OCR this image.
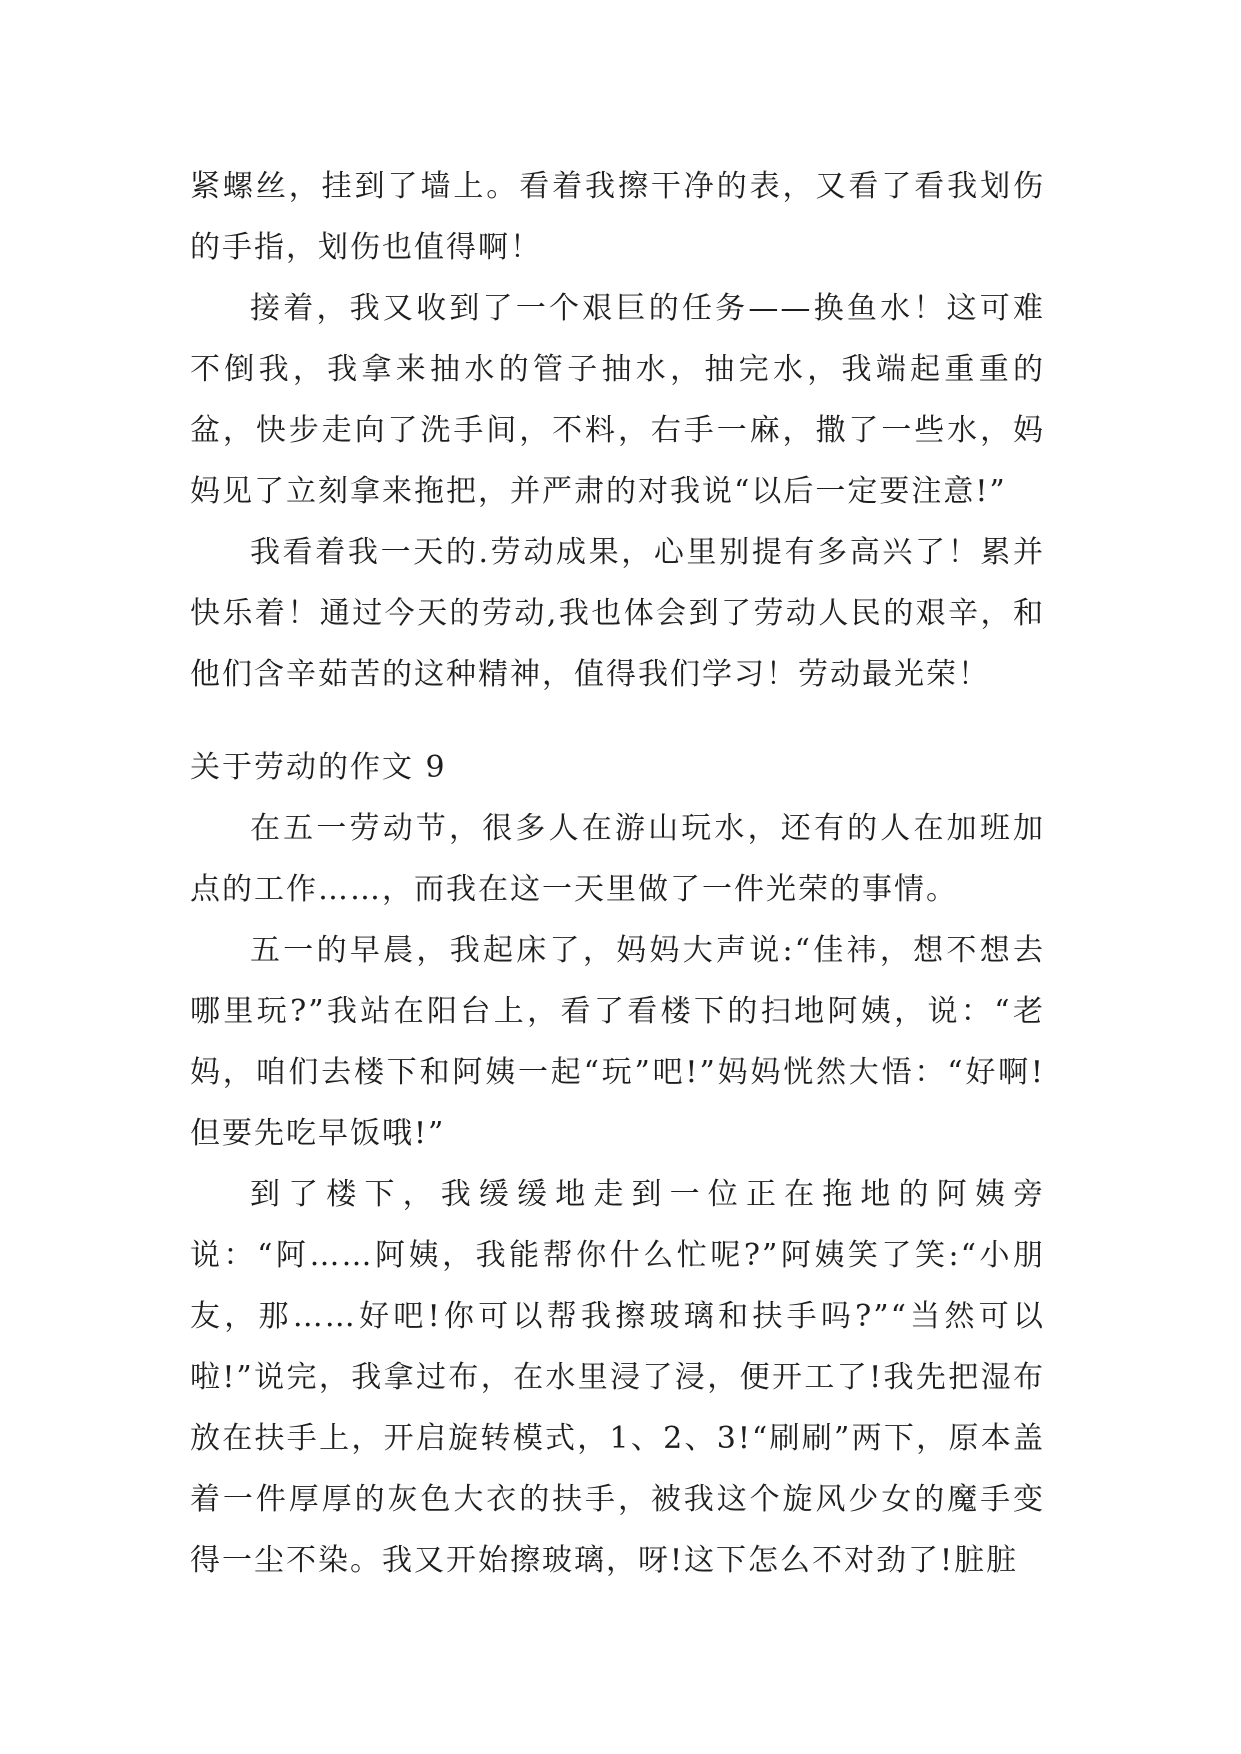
紧螺丝，挂到了墙上。看着我擦干净的表，又看了看我划伤的手指，划伤也值得啊！

接着，我又收到了一个艰巨的任务——换鱼水！这可难不倒我，我拿来抽水的管子抽水，抽完水，我端起重重的盆，快步走向了洗手间，不料，右手一麻，撒了一些水，妈妈见了立刻拿来拖把，并严肃的对我说“以后一定要注意!”

我看着我一天的.劳动成果，心里别提有多高兴了！累并快乐着！通过今天的劳动,我也体会到了劳动人民的艰辛，和他们含辛茹苦的这种精神，值得我们学习！劳动最光荣！

关于劳动的作文 9

在五一劳动节，很多人在游山玩水，还有的人在加班加点的工作……，而我在这一天里做了一件光荣的事情。

五一的早晨，我起床了，妈妈大声说:“佳祎，想不想去哪里玩?”我站在阳台上，看了看楼下的扫地阿姨，说：“老妈，咱们去楼下和阿姨一起“玩”吧!”妈妈恍然大悟：“好啊!但要先吃早饭哦!”

到了楼下，我缓缓地走到一位正在拖地的阿姨旁说：“阿……阿姨，我能帮你什么忙呢?”阿姨笑了笑:“小朋友，那……好吧!你可以帮我擦玻璃和扶手吗?”“当然可以啦!”说完，我拿过布，在水里浸了浸，便开工了!我先把湿布放在扶手上，开启旋转模式，1、2、3!“刷刷”两下，原本盖着一件厚厚的灰色大衣的扶手，被我这个旋风少女的魔手变得一尘不染。我又开始擦玻璃，呀!这下怎么不对劲了!脏脏
